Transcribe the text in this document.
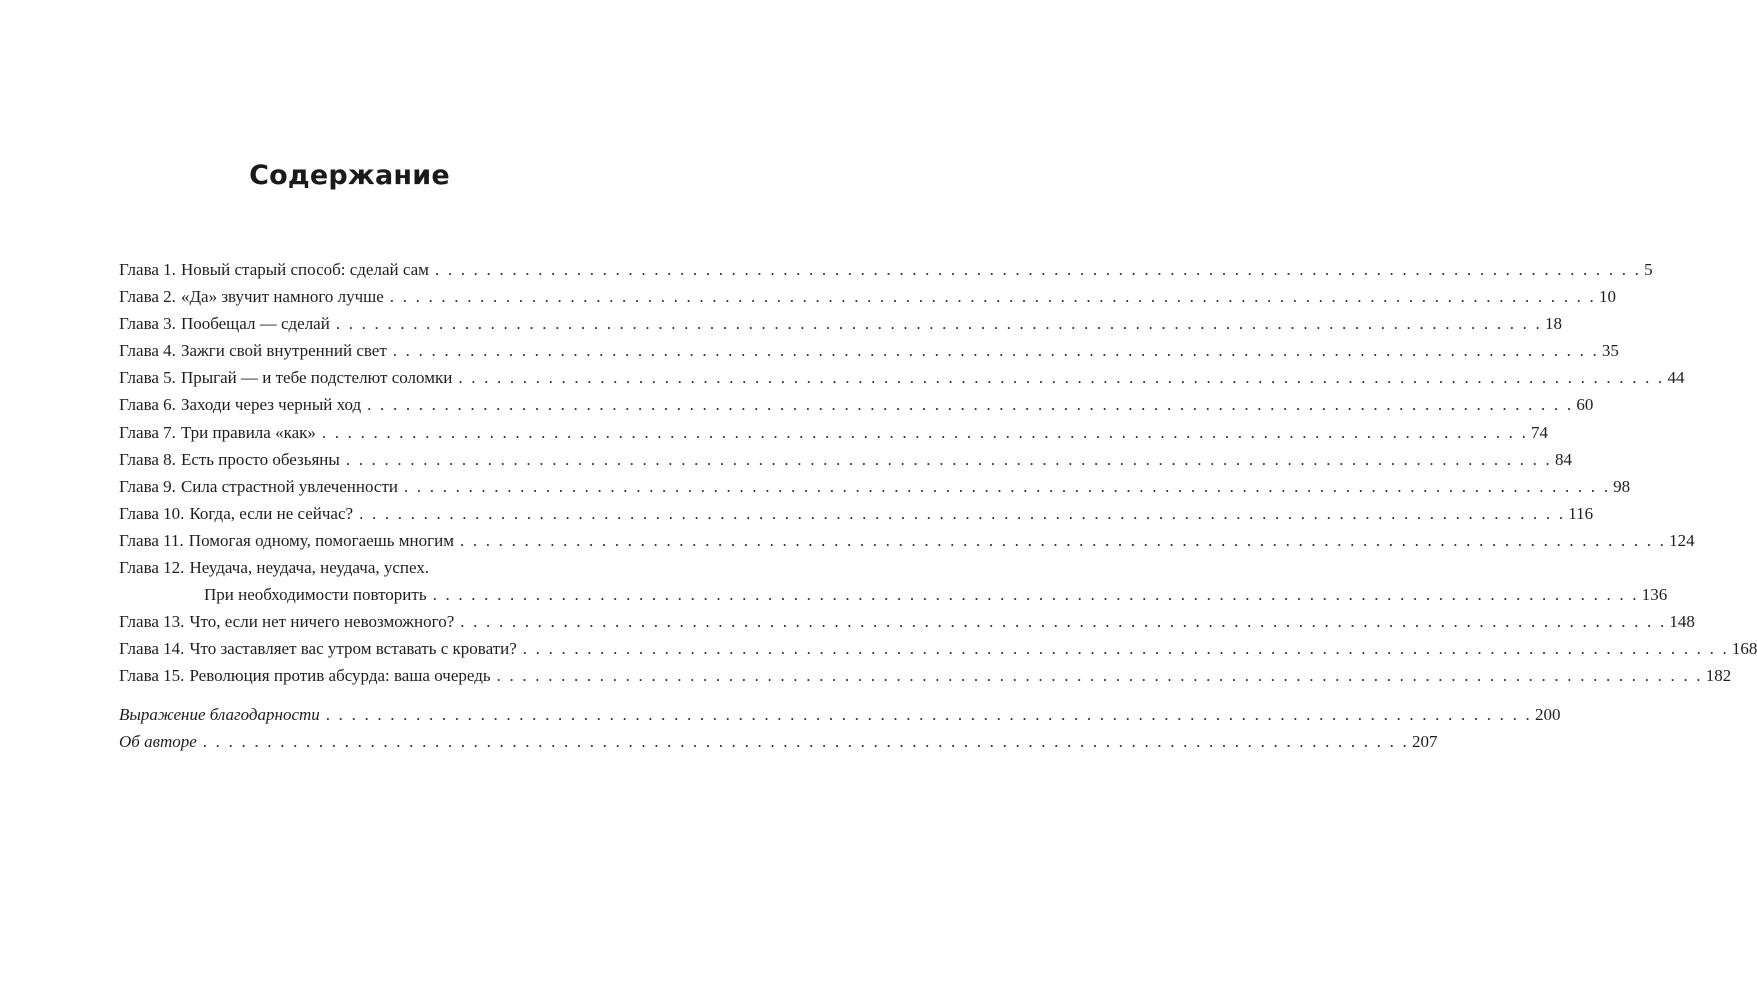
Содержание
Глава 1. Новый старый способ: сделай сам . . .	5
Глава 2. «Да» звучит намного лучше . . .	10
Глава 3. Пообещал — сделай . . .	18
Глава 4. Зажги свой внутренний свет . . .	35
Глава 5. Прыгай — и тебе подстелют соломки . . .	44
Глава 6. Заходи через черный ход . . .	60
Глава 7. Три правила «как» . . .	74
Глава 8. Есть просто обезьяны . . .	84
Глава 9. Сила страстной увлеченности . . .	98
Глава 10. Когда, если не сейчас? . . .	116
Глава 11. Помогая одному, помогаешь многим . . .	124
Глава 12. Неудача, неудача, неудача, успех.
При необходимости повторить . . .	136
Глава 13. Что, если нет ничего невозможного? . . .	148
Глава 14. Что заставляет вас утром вставать с кровати? . . .	168
Глава 15. Революция против абсурда: ваша очередь . . .	182
Выражение благодарности . . .	200
Об авторе . . .	207
